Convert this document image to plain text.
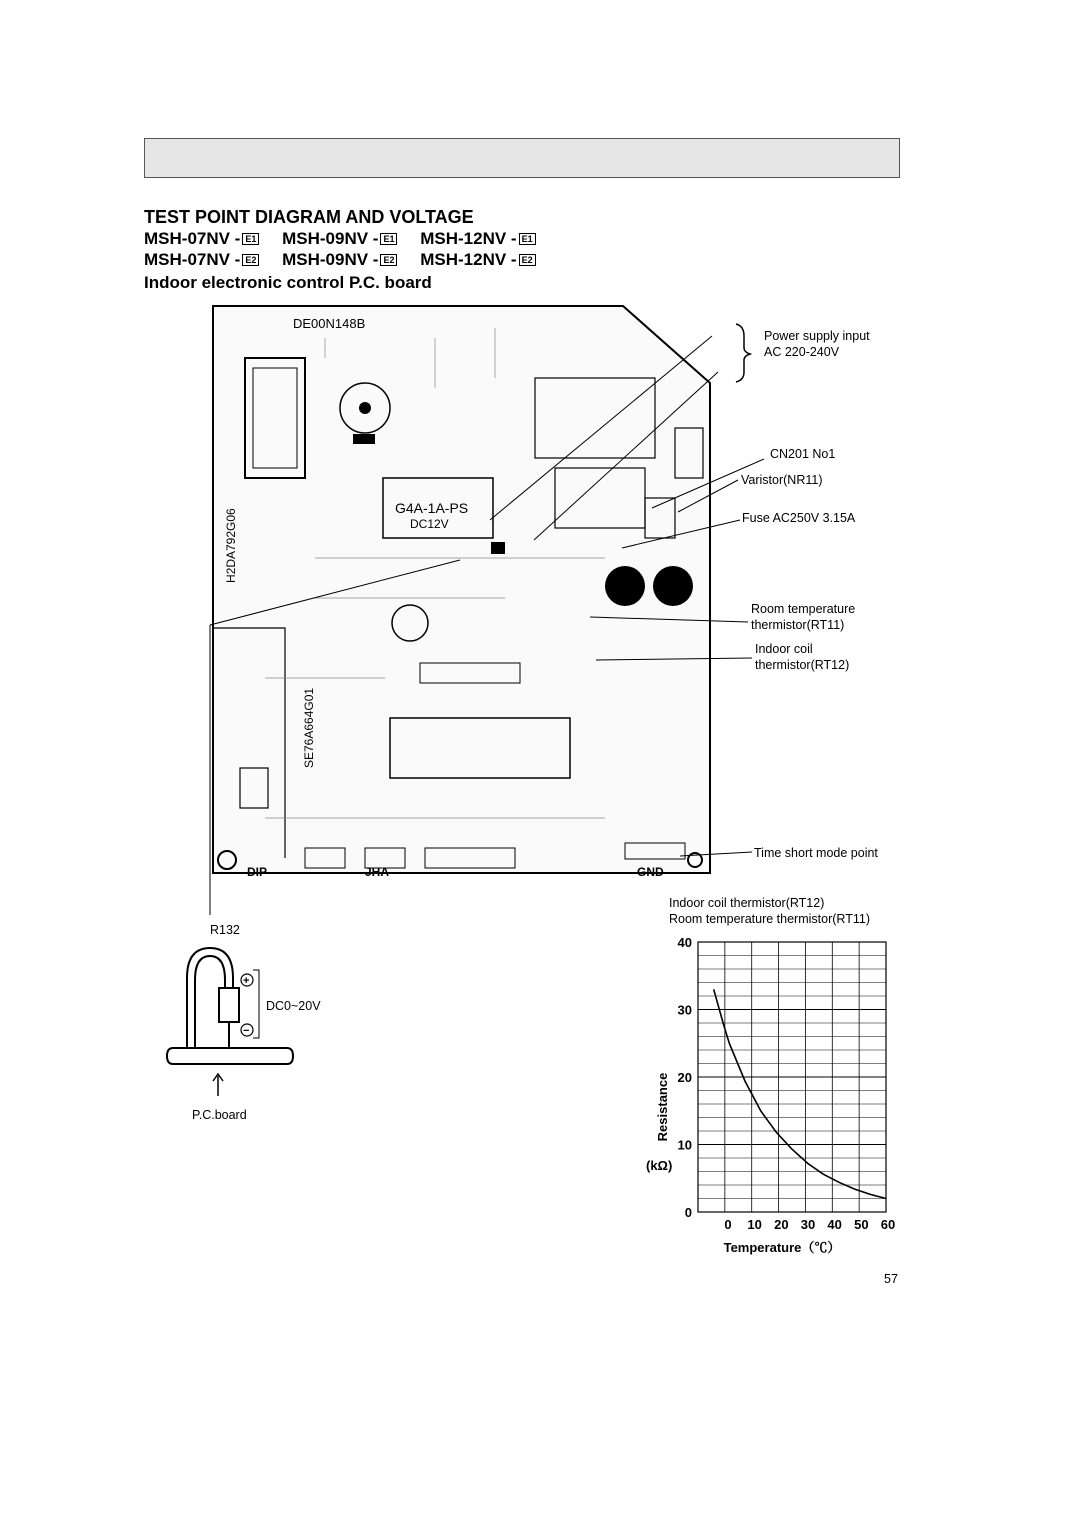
TEST POINT DIAGRAM AND VOLTAGE
MSH-07NV - E1 MSH-09NV - E1 MSH-12NV - E1
MSH-07NV - E2 MSH-09NV - E2 MSH-12NV - E2
Indoor electronic control P.C. board
G4A-1A-PS
DC12V
DE00N148B
H2DA792G06
SE76A664G01
JHA
DIP	GND
Power supply input
AC 220-240V
CN201 No1
Varistor(NR11)
Fuse AC250V 3.15A
Room temperature
thermistor(RT11)
Indoor coil
thermistor(RT12)
Time short mode point
R132
+
−
DC0~20V
P.C.board
Indoor coil thermistor(RT12)
Room temperature thermistor(RT11)
0
10
20
30
40
0 10 20 30 40 50 60
Resistance
(kΩ)
Temperature（℃）
57
